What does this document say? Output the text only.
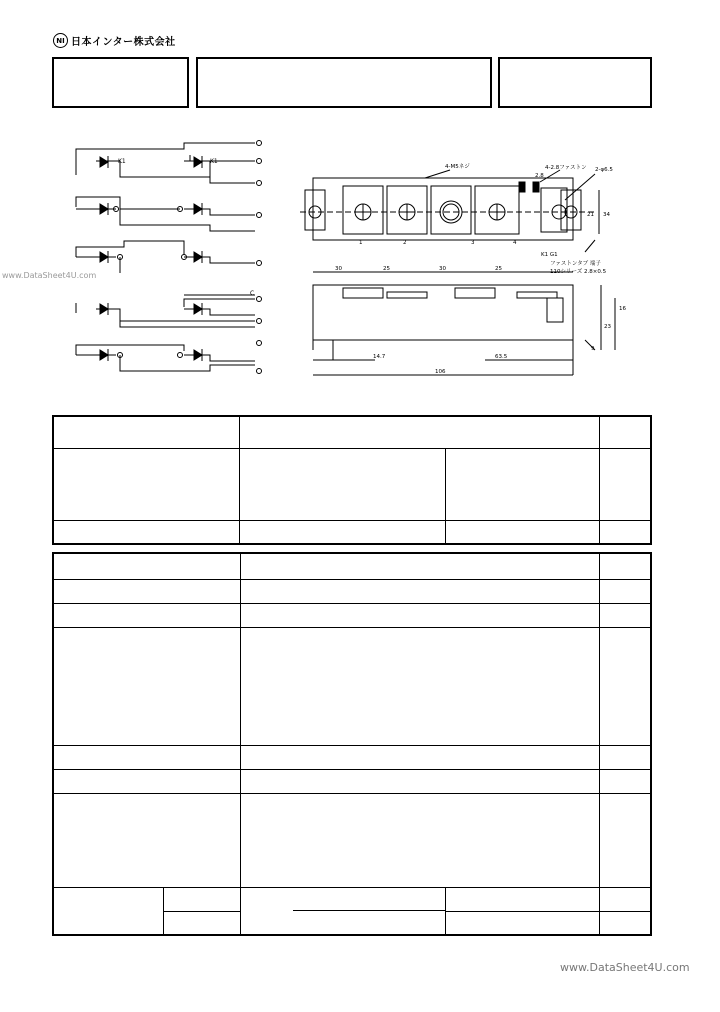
NI 日本インター株式会社
www.DataSheet4U.com
K1	K1
C
4-M5ネジ	4-2.8ファストン
2.8
2-φ6.5
1	2	3	4
21 34
K1 G1
30	25	30	25
ファストンタブ 端子
110シリーズ 2.8×0.5
16
23
9
14.7	63.5
106

www.DataSheet4U.com
